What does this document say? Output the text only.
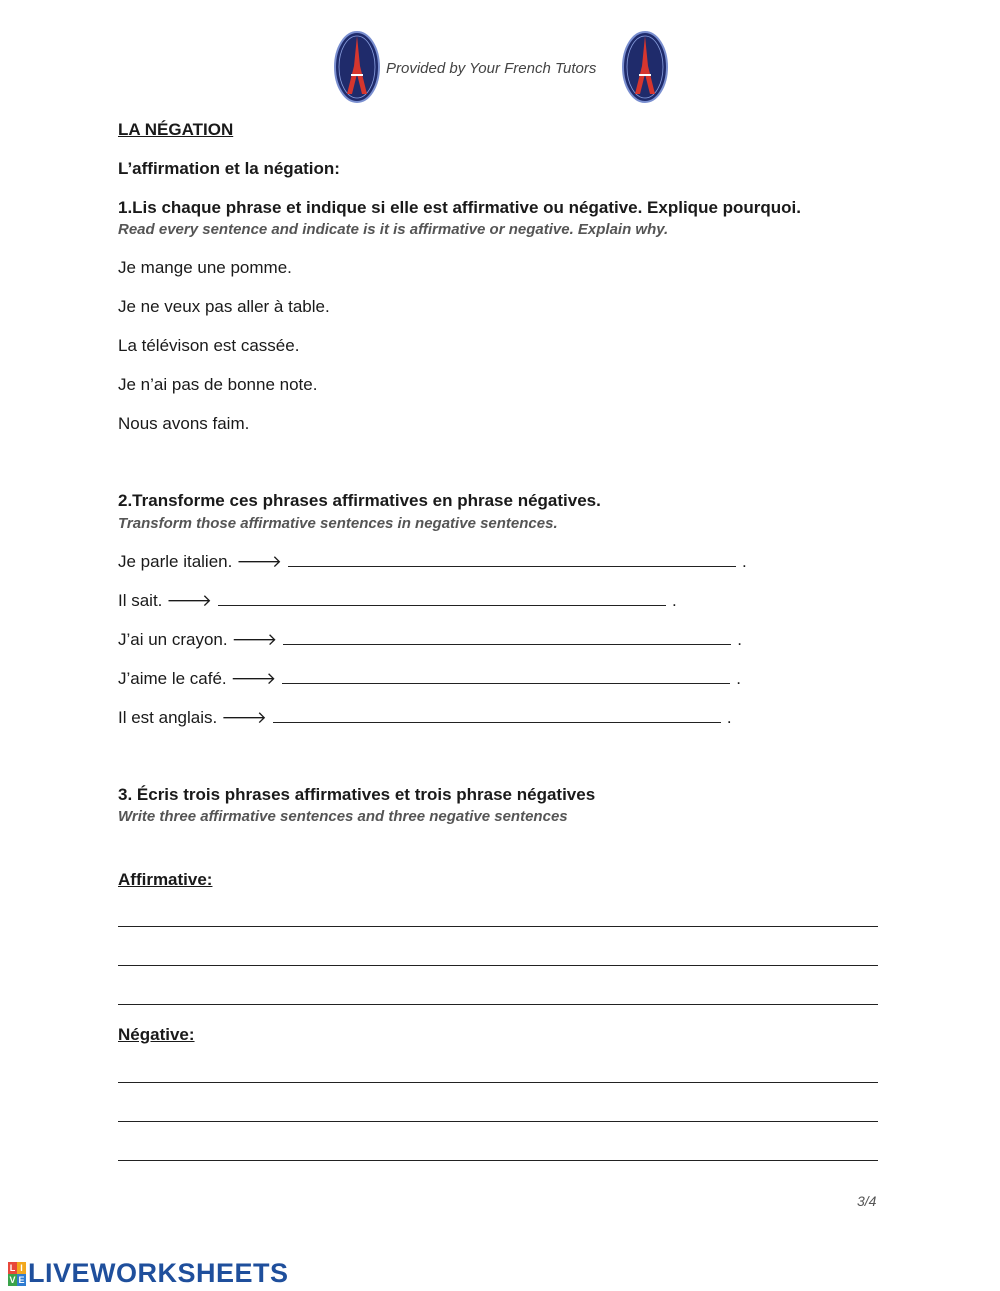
Provided by Your French Tutors
LA NÉGATION
L’affirmation et la négation:
1.Lis chaque phrase et indique si elle est affirmative ou négative. Explique pourquoi.
Read every sentence and indicate is it is affirmative or negative. Explain why.
Je mange une pomme.
Je ne veux pas aller à table.
La télévison est cassée.
Je n’ai pas de bonne note.
Nous avons faim.
2.Transforme ces phrases affirmatives en phrase négatives.
Transform those affirmative sentences in negative sentences.
Je parle italien. 🡒	.
Il sait. 🡒	.
J’ai un crayon. 🡒	.
J’aime le café. 🡒	.
Il est anglais. 🡒	.
3. Écris trois phrases affirmatives et trois phrase négatives
Write three affirmative sentences and three negative sentences
Affirmative:
Négative:
3/4
L I
V E LIVEWORKSHEETS
